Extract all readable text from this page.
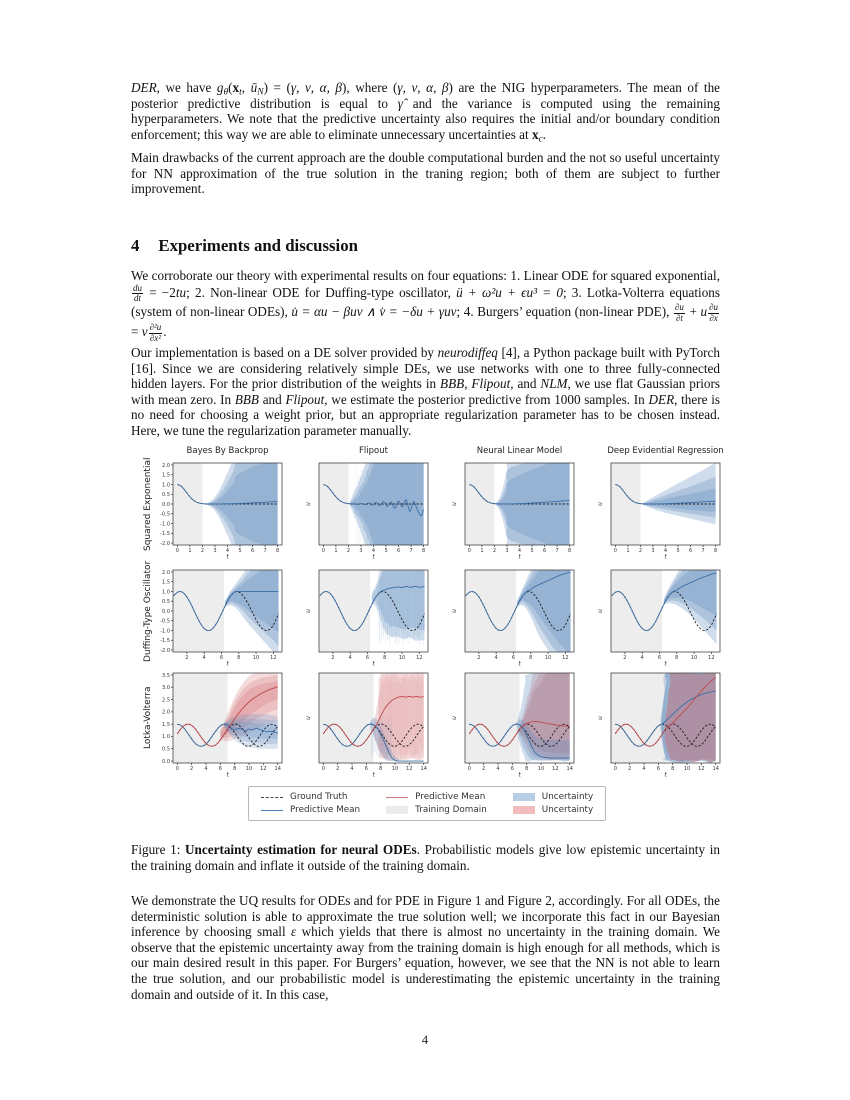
DER, we have $g_\theta(x_t$, $ū_N) = (\gamma$, ν, α, β), where (γ, ν, α, β) are the NIG hyperparameters. The mean of the posterior predictive distribution is equal to γ̂ and the variance is computed using the remaining hyperparameters. We note that the predictive uncertainty also requires the initial and/or boundary condition enforcement; this way we are able to eliminate unnecessary uncertainties at $x_c$.
Main drawbacks of the current approach are the double computational burden and the not so useful uncertainty for NN approximation of the true solution in the traning region; both of them are subject to further improvement.
4 Experiments and discussion
We corroborate our theory with experimental results on four equations: 1. Linear ODE for squared exponential,
$\frac{du}{dt} = -2tu$; 2. Non-linear ODE for Duffing-type oscillator, ü + ω²u + ϵu³ = 0; 3. Lotka-Volterra equations (system of non-linear ODEs), u̇ = αu − βuv ∧ v̇ = −δu + γuv; 4. Burgers’ equation (non-linear PDE), $\frac{\partial u}{\partial t} + u \frac{\partial u}{\partial x}$
= ν $\frac{\text{∂²u}}{\text{∂x²}}$ .
Our implementation is based on a DE solver provided by neurodiffeq [4], a Python package built with PyTorch [16]. Since we are considering relatively simple DEs, we use networks with one to three fully-connected hidden layers. For the prior distribution of the weights in BBB, Flipout, and NLM, we use flat Gaussian priors with mean zero. In BBB and Flipout, we estimate the posterior predictive from 1000 samples. In DER, there is no need for choosing a weight prior, but an appropriate regularization parameter has to be chosen instead. Here, we tune the regularization parameter manually.
Bayes By Backprop	Flipout	Neural Linear Model	Deep Evidential Regression
Squared Exponential
Duffing-Type Oscillator
Lotka-Volterra
Ground Truth
Predictive Mean
Predictive Mean
Training Domain
Uncertainty
Uncertainty
Figure 1: Uncertainty estimation for neural ODEs. Probabilistic models give low epistemic uncertainty in the training domain and inflate it outside of the training domain.
We demonstrate the UQ results for ODEs and for PDE in Figure 1 and Figure 2, accordingly. For all ODEs, the deterministic solution is able to approximate the true solution well; we incorporate this fact in our Bayesian inference by choosing small ε which yields that there is almost no uncertainty in the training domain. We observe that the epistemic uncertainty away from the training domain is high enough for all methods, which is our main desired result in this paper. For Burgers’ equation, however, we see that the NN is not able to learn the true solution, and our probabilistic model is underestimating the epistemic uncertainty in the training domain and outside of it. In this case,
4
